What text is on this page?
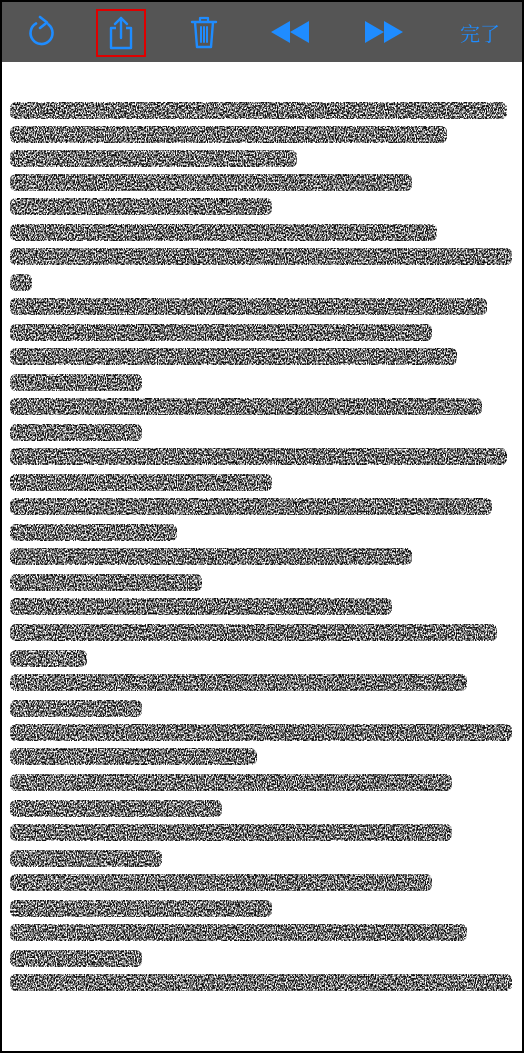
完了
